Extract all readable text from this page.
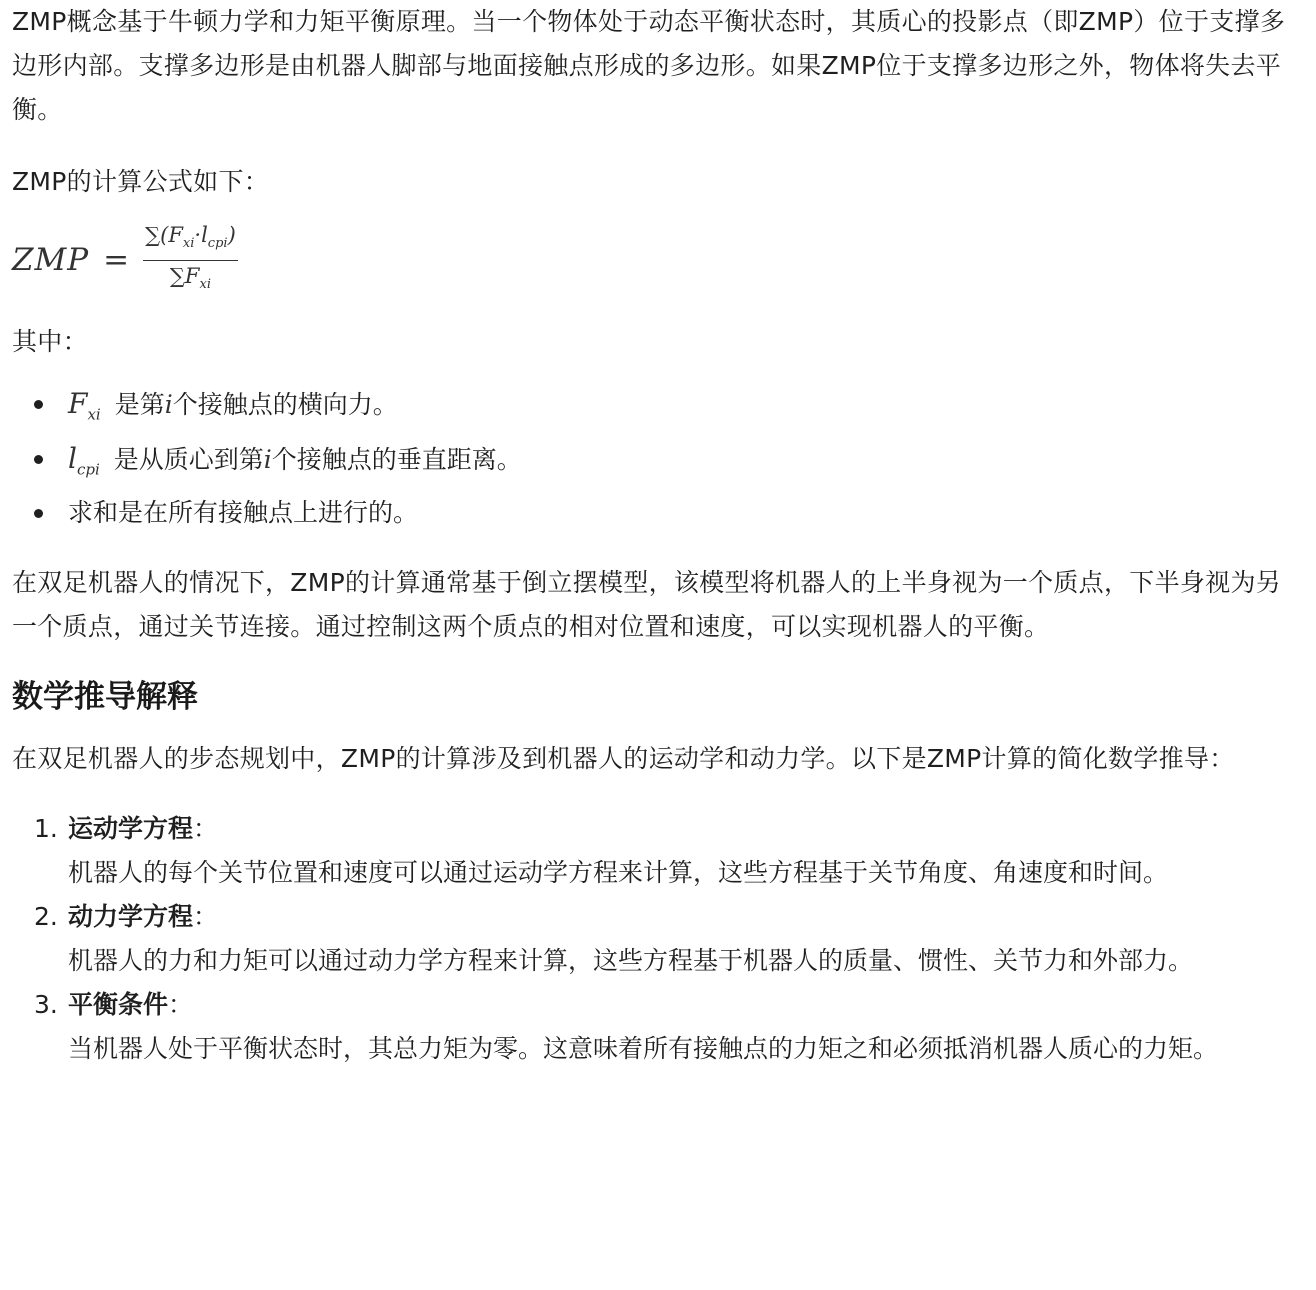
ZMP概念基于牛顿力学和力矩平衡原理。当一个物体处于动态平衡状态时，其质心的投影点（即ZMP）位于支撑多边形内部。支撑多边形是由机器人脚部与地面接触点形成的多边形。如果ZMP位于支撑多边形之外，物体将失去平衡。

ZMP的计算公式如下：

ZMP = $\frac{\sum(F_{xi}\cdot l_{cpi})}{\sum F_{xi}}$

其中：

$F_{xi}$ 是第i个接触点的横向力。
$l_{cpi}$ 是从质心到第i个接触点的垂直距离。
求和是在所有接触点上进行的。

在双足机器人的情况下，ZMP的计算通常基于倒立摆模型，该模型将机器人的上半身视为一个质点，下半身视为另一个质点，通过关节连接。通过控制这两个质点的相对位置和速度，可以实现机器人的平衡。

数学推导解释

在双足机器人的步态规划中，ZMP的计算涉及到机器人的运动学和动力学。以下是ZMP计算的简化数学推导：

1. 运动学方程：
机器人的每个关节位置和速度可以通过运动学方程来计算，这些方程基于关节角度、角速度和时间。
2. 动力学方程：
机器人的力和力矩可以通过动力学方程来计算，这些方程基于机器人的质量、惯性、关节力和外部力。
3. 平衡条件：
当机器人处于平衡状态时，其总力矩为零。这意味着所有接触点的力矩之和必须抵消机器人质心的力矩。
